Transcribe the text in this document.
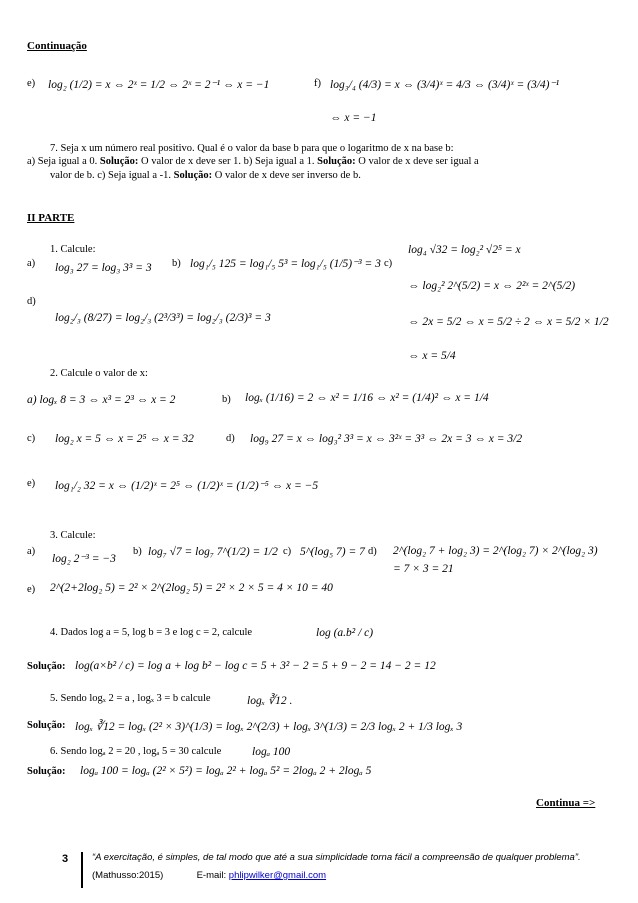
Continuação
e) log₂ (1/2) = x ⇔ 2ˣ = 1/2 ⇔ 2ˣ = 2⁻¹ ⇔ x = −1	f) log₃/₄ (4/3) = x ⇔ (3/4)ˣ = 4/3 ⇔ (3/4)ˣ = (3/4)⁻¹
⇔ x = −1
7. Seja x um número real positivo. Qual é o valor da base b para que o logaritmo de x na base b:
a) Seja igual a 0. Solução: O valor de x deve ser 1. b) Seja igual a 1. Solução: O valor de x deve ser igual a
valor de b. c) Seja igual a -1. Solução: O valor de x deve ser inverso de b.
II PARTE
1. Calcule:
a) log₃ 27 = log₃ 3³ = 3 b) log₁/₅ 125 = log₁/₅ 5³ = log₁/₅ (1/5)⁻³ = 3 c)
log₄ √32 = log₂² √2⁵ = x
⇔ log₂² 2^(5/2) = x ⇔ 2²ˣ = 2^(5/2)
⇔ 2x = 5/2 ⇔ x = 5/2 ÷ 2 ⇔ x = 5/2 × 1/2
⇔ x = 5/4
d)
log₂/₃ (8/27) = log₂/₃ (2³/3³) = log₂/₃ (2/3)³ = 3
2. Calcule o valor de x:
a) logₓ 8 = 3 ⇔ x³ = 2³ ⇔ x = 2	b) logₓ (1/16) = 2 ⇔ x² = 1/16 ⇔ x² = (1/4)² ⇔ x = 1/4
c) log₂ x = 5 ⇔ x = 2⁵ ⇔ x = 32	d) log₉ 27 = x ⇔ log₃² 3³ = x ⇔ 3²ˣ = 3³ ⇔ 2x = 3 ⇔ x = 3/2
e) log₁/₂ 32 = x ⇔ (1/2)ˣ = 2⁵ ⇔ (1/2)ˣ = (1/2)⁻⁵ ⇔ x = −5
3. Calcule:
a)
log₂ 2⁻³ = −3
b) log₇ √7 = log₇ 7^(1/2) = 1/2 c) 5^(log₅ 7) = 7 d) 2^(log₂ 7 + log₂ 3) = 2^(log₂ 7) × 2^(log₂ 3)
= 7 × 3 = 21
e) 2^(2+2log₂ 5) = 2² × 2^(2log₂ 5) = 2² × 2 × 5 = 4 × 10 = 40
4. Dados log a = 5, log b = 3 e log c = 2, calcule	log (a.b² / c)
Solução: log(a×b² / c) = log a + log b² − log c = 5 + 3² − 2 = 5 + 9 − 2 = 14 − 2 = 12
5. Sendo logₓ 2 = a , logₓ 3 = b calcule	logₓ ∛12 .
Solução: logₓ ∛12 = logₓ (2² × 3)^(1/3) = logₓ 2^(2/3) + logₓ 3^(1/3) = 2/3 logₓ 2 + 1/3 logₓ 3
6. Sendo logₐ 2 = 20 , logₐ 5 = 30 calcule	logₐ 100
Solução: logₐ 100 = logₐ (2² × 5²) = logₐ 2² + logₐ 5² = 2logₐ 2 + 2logₐ 5
Continua =>
3	“A exercitação, é simples, de tal modo que até a sua simplicidade torna fácil a compreensão de qualquer problema”.
(Mathusso:2015)	E-mail: phlipwilker@gmail.com
